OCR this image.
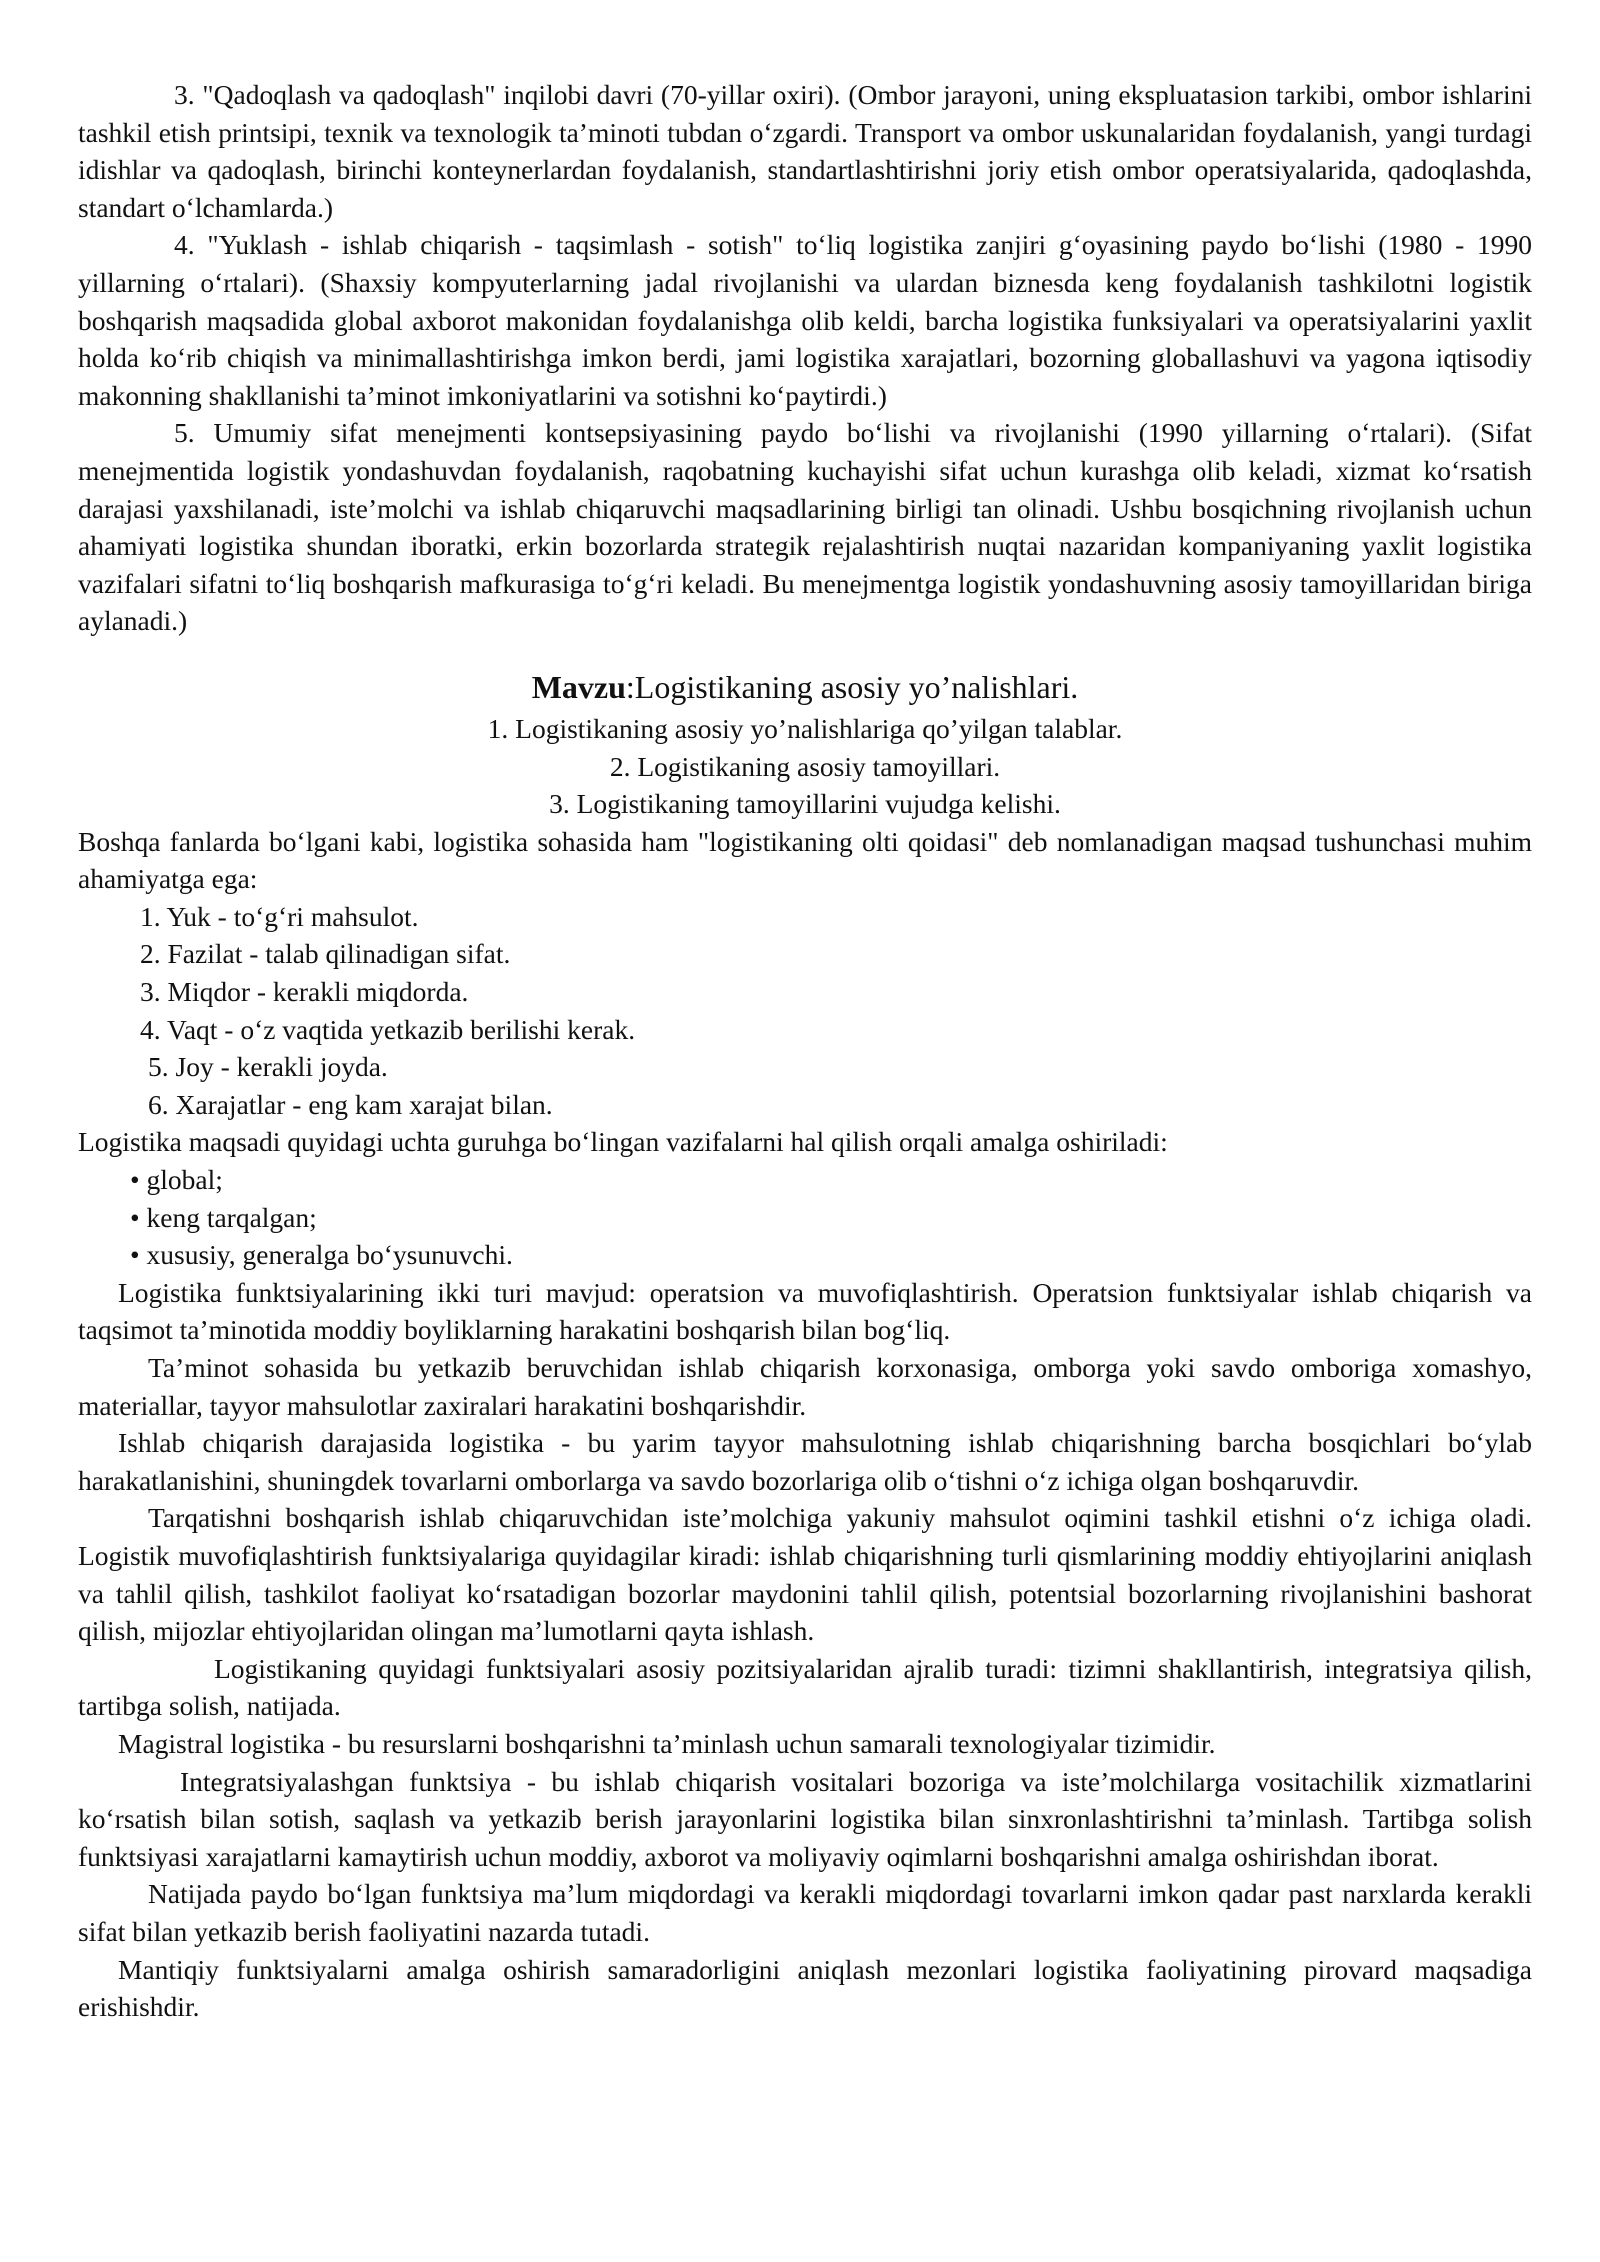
3. "Qadoqlash va qadoqlash" inqilobi davri (70-yillar oxiri). (Ombor jarayoni, uning ekspluatasion tarkibi, ombor ishlarini tashkil etish printsipi, texnik va texnologik ta’minoti tubdan o‘zgardi. Transport va ombor uskunalaridan foydalanish, yangi turdagi idishlar va qadoqlash, birinchi konteynerlardan foydalanish, standartlashtirishni joriy etish ombor operatsiyalarida, qadoqlashda, standart o‘lchamlarda.)

4. "Yuklash - ishlab chiqarish - taqsimlash - sotish" to‘liq logistika zanjiri g‘oyasining paydo bo‘lishi (1980 - 1990 yillarning o‘rtalari). (Shaxsiy kompyuterlarning jadal rivojlanishi va ulardan biznesda keng foydalanish tashkilotni logistik boshqarish maqsadida global axborot makonidan foydalanishga olib keldi, barcha logistika funksiyalari va operatsiyalarini yaxlit holda ko‘rib chiqish va minimallashtirishga imkon berdi, jami logistika xarajatlari, bozorning globallashuvi va yagona iqtisodiy makonning shakllanishi ta’minot imkoniyatlarini va sotishni ko‘paytirdi.)

5. Umumiy sifat menejmenti kontsepsiyasining paydo bo‘lishi va rivojlanishi (1990 yillarning o‘rtalari). (Sifat menejmentida logistik yondashuvdan foydalanish, raqobatning kuchayishi sifat uchun kurashga olib keladi, xizmat ko‘rsatish darajasi yaxshilanadi, iste’molchi va ishlab chiqaruvchi maqsadlarining birligi tan olinadi. Ushbu bosqichning rivojlanish uchun ahamiyati logistika shundan iboratki, erkin bozorlarda strategik rejalashtirish nuqtai nazaridan kompaniyaning yaxlit logistika vazifalari sifatni to‘liq boshqarish mafkurasiga to‘g‘ri keladi. Bu menejmentga logistik yondashuvning asosiy tamoyillaridan biriga aylanadi.)

Mavzu:Logistikaning asosiy yo’nalishlari.

1. Logistikaning asosiy yo’nalishlariga qo’yilgan talablar.

2. Logistikaning asosiy tamoyillari.

3. Logistikaning tamoyillarini vujudga kelishi.

Boshqa fanlarda bo‘lgani kabi, logistika sohasida ham "logistikaning olti qoidasi" deb nomlanadigan maqsad tushunchasi muhim ahamiyatga ega:

1. Yuk - to‘g‘ri mahsulot.
2. Fazilat - talab qilinadigan sifat.
3. Miqdor - kerakli miqdorda.
4. Vaqt - o‘z vaqtida yetkazib berilishi kerak.
5. Joy - kerakli joyda.
6. Xarajatlar - eng kam xarajat bilan.

Logistika maqsadi quyidagi uchta guruhga bo‘lingan vazifalarni hal qilish orqali amalga oshiriladi:

• global;
• keng tarqalgan;
• xususiy, generalga bo‘ysunuvchi.

Logistika funktsiyalarining ikki turi mavjud: operatsion va muvofiqlashtirish. Operatsion funktsiyalar ishlab chiqarish va taqsimot ta’minotida moddiy boyliklarning harakatini boshqarish bilan bog‘liq.

Ta’minot sohasida bu yetkazib beruvchidan ishlab chiqarish korxonasiga, omborga yoki savdo omboriga xomashyo, materiallar, tayyor mahsulotlar zaxiralari harakatini boshqarishdir.

Ishlab chiqarish darajasida logistika - bu yarim tayyor mahsulotning ishlab chiqarishning barcha bosqichlari bo‘ylab harakatlanishini, shuningdek tovarlarni omborlarga va savdo bozorlariga olib o‘tishni o‘z ichiga olgan boshqaruvdir.

Tarqatishni boshqarish ishlab chiqaruvchidan iste’molchiga yakuniy mahsulot oqimini tashkil etishni o‘z ichiga oladi. Logistik muvofiqlashtirish funktsiyalariga quyidagilar kiradi: ishlab chiqarishning turli qismlarining moddiy ehtiyojlarini aniqlash va tahlil qilish, tashkilot faoliyat ko‘rsatadigan bozorlar maydonini tahlil qilish, potentsial bozorlarning rivojlanishini bashorat qilish, mijozlar ehtiyojlaridan olingan ma’lumotlarni qayta ishlash.

Logistikaning quyidagi funktsiyalari asosiy pozitsiyalaridan ajralib turadi: tizimni shakllantirish, integratsiya qilish, tartibga solish, natijada.

Magistral logistika - bu resurslarni boshqarishni ta’minlash uchun samarali texnologiyalar tizimidir.

Integratsiyalashgan funktsiya - bu ishlab chiqarish vositalari bozoriga va iste’molchilarga vositachilik xizmatlarini ko‘rsatish bilan sotish, saqlash va yetkazib berish jarayonlarini logistika bilan sinxronlashtirishni ta’minlash. Tartibga solish funktsiyasi xarajatlarni kamaytirish uchun moddiy, axborot va moliyaviy oqimlarni boshqarishni amalga oshirishdan iborat.

Natijada paydo bo‘lgan funktsiya ma’lum miqdordagi va kerakli miqdordagi tovarlarni imkon qadar past narxlarda kerakli sifat bilan yetkazib berish faoliyatini nazarda tutadi.

Mantiqiy funktsiyalarni amalga oshirish samaradorligini aniqlash mezonlari logistika faoliyatining pirovard maqsadiga erishishdir.
